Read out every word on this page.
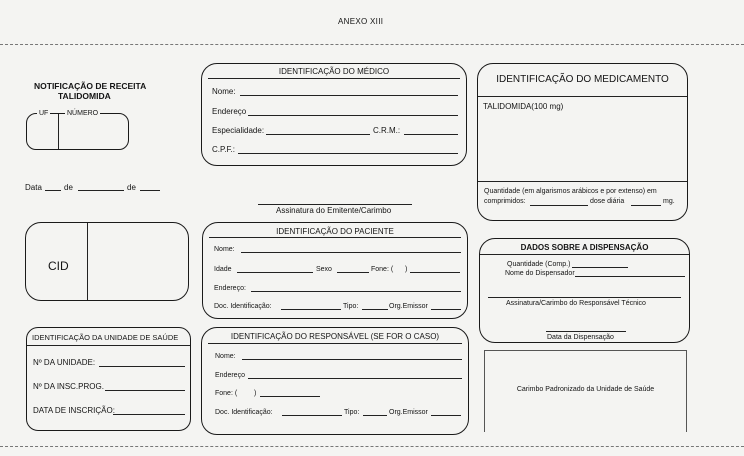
ANEXO XIII
NOTIFICAÇÃO DE RECEITA
TALIDOMIDA
UF	NÚMERO
Data	de	de
IDENTIFICAÇÃO DO MÉDICO
Nome:
Endereço
Especialidade:	C.R.M.:
C.P.F.:
Assinatura do Emitente/Carimbo
IDENTIFICAÇÃO DO MEDICAMENTO
TALIDOMIDA(100 mg)
Quantidade (em algarismos arábicos e por extenso) em
comprimidos:	dose diária	mg.
CID
IDENTIFICAÇÃO DO PACIENTE
Nome:
Idade	Sexo	Fone: ( )
Endereço:
Doc. Identificação:	Tipo:	Org.Emissor
DADOS SOBRE A DISPENSAÇÃO
Quantidade (Comp.)
Nome do Dispensador
Assinatura/Carimbo do Responsável Técnico
Data da Dispensação
IDENTIFICAÇÃO DA UNIDADE DE SAÚDE
Nº DA UNIDADE:
Nº DA INSC.PROG.
DATA DE INSCRIÇÃO:
IDENTIFICAÇÃO DO RESPONSÁVEL (SE FOR O CASO)
Nome:
Endereço
Fone: ( )
Doc. Identificação:	Tipo:	Org.Emissor
Carimbo Padronizado da Unidade de Saúde
